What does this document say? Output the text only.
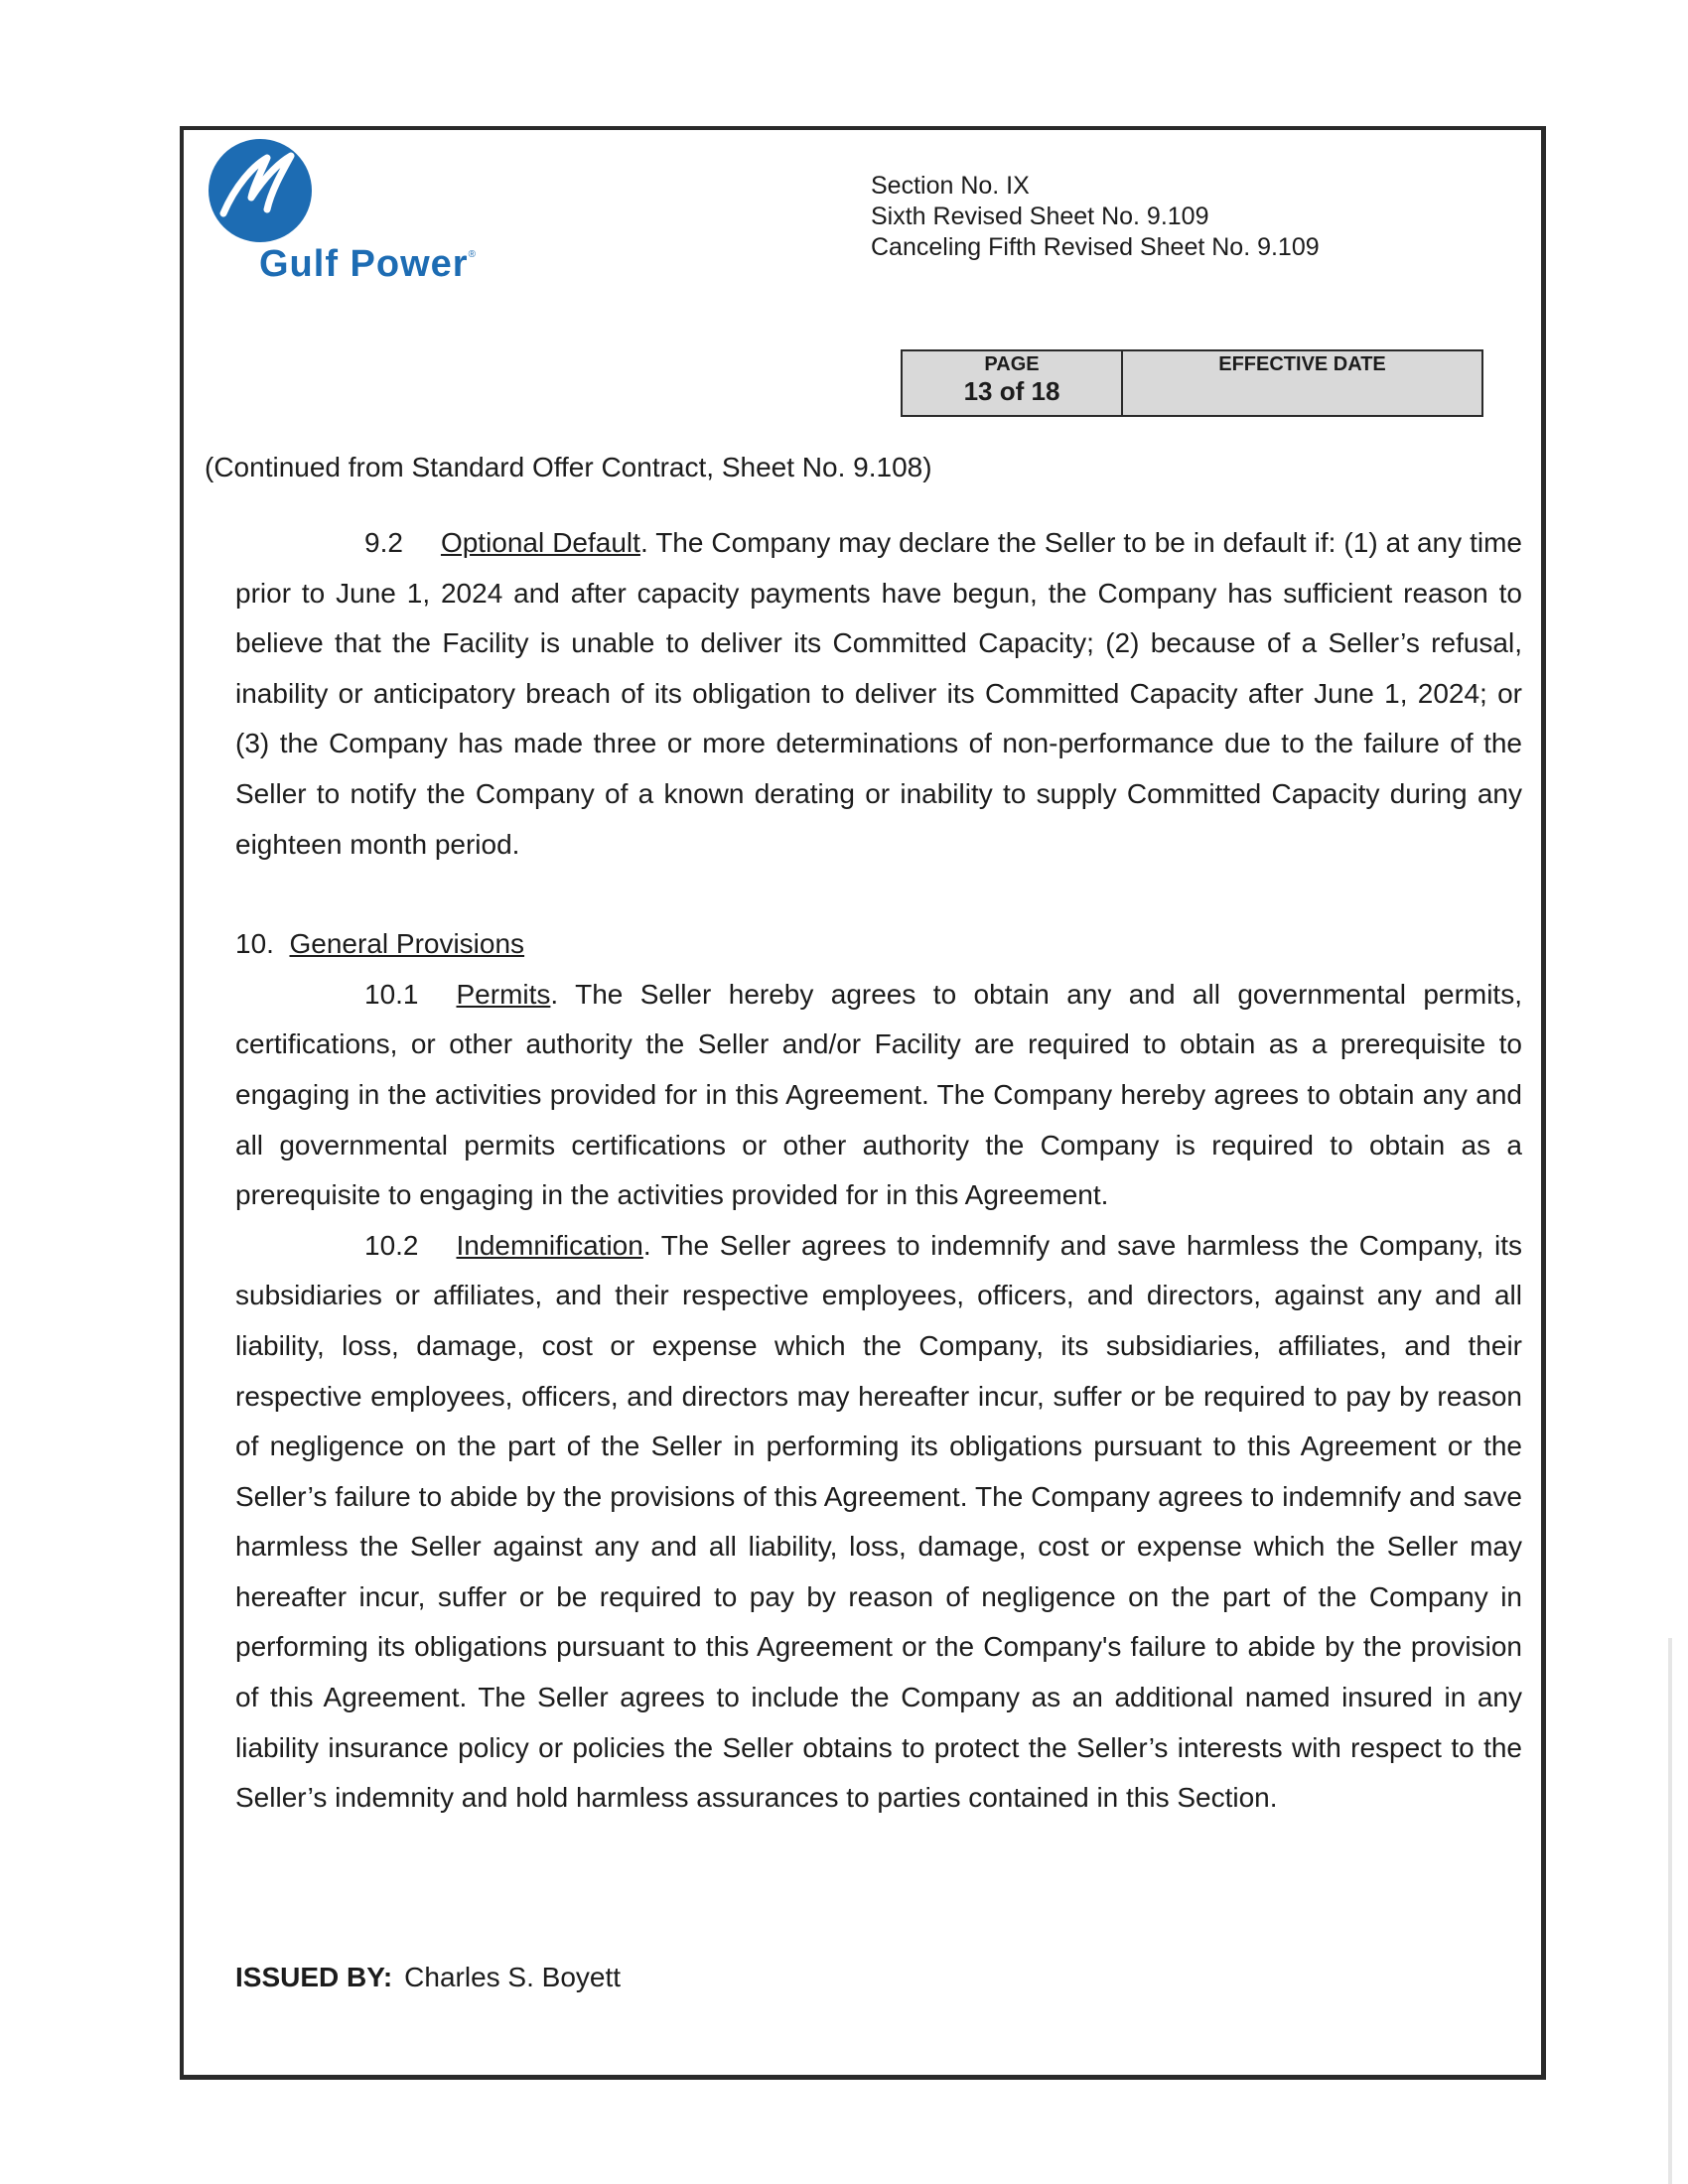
Gulf Power®
Section No. IX
Sixth Revised Sheet No. 9.109
Canceling Fifth Revised Sheet No. 9.109
PAGE
13 of 18
EFFECTIVE DATE
(Continued from Standard Offer Contract, Sheet No. 9.108)

9.2 Optional Default. The Company may declare the Seller to be in default if: (1) at any time prior to June 1, 2024 and after capacity payments have begun, the Company has sufficient reason to believe that the Facility is unable to deliver its Committed Capacity; (2) because of a Seller’s refusal, inability or anticipatory breach of its obligation to deliver its Committed Capacity after June 1, 2024; or (3) the Company has made three or more determinations of non-performance due to the failure of the Seller to notify the Company of a known derating or inability to supply Committed Capacity during any eighteen month period.

10. General Provisions

10.1 Permits. The Seller hereby agrees to obtain any and all governmental permits, certifications, or other authority the Seller and/or Facility are required to obtain as a prerequisite to engaging in the activities provided for in this Agreement. The Company hereby agrees to obtain any and all governmental permits certifications or other authority the Company is required to obtain as a prerequisite to engaging in the activities provided for in this Agreement.

10.2 Indemnification. The Seller agrees to indemnify and save harmless the Company, its subsidiaries or affiliates, and their respective employees, officers, and directors, against any and all liability, loss, damage, cost or expense which the Company, its subsidiaries, affiliates, and their respective employees, officers, and directors may hereafter incur, suffer or be required to pay by reason of negligence on the part of the Seller in performing its obligations pursuant to this Agreement or the Seller’s failure to abide by the provisions of this Agreement. The Company agrees to indemnify and save harmless the Seller against any and all liability, loss, damage, cost or expense which the Seller may hereafter incur, suffer or be required to pay by reason of negligence on the part of the Company in performing its obligations pursuant to this Agreement or the Company's failure to abide by the provision of this Agreement. The Seller agrees to include the Company as an additional named insured in any liability insurance policy or policies the Seller obtains to protect the Seller’s interests with respect to the Seller’s indemnity and hold harmless assurances to parties contained in this Section.

ISSUED BY: Charles S. Boyett
